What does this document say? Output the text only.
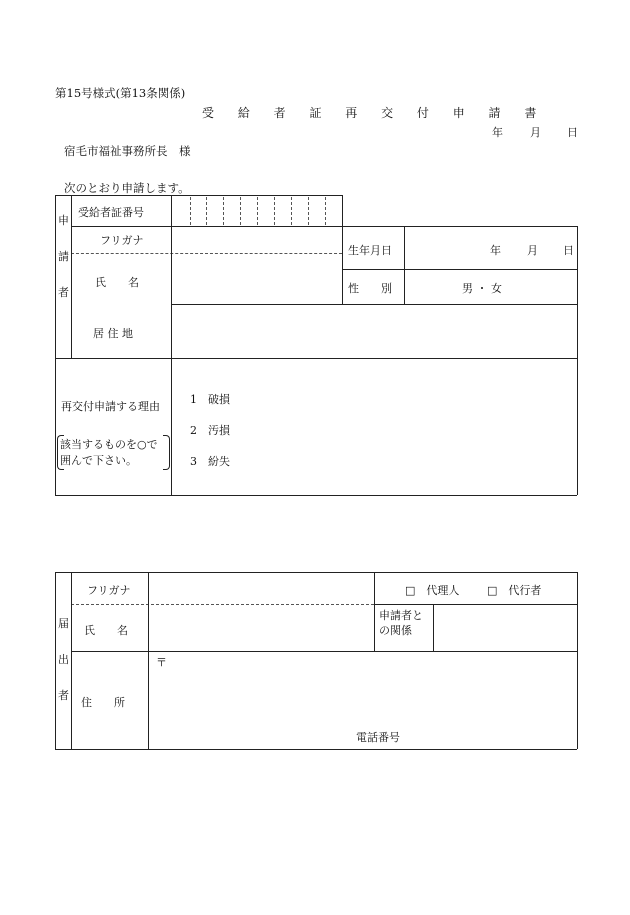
第15号様式(第13条関係)
受 給 者 証 再 交 付 申 請 書
年 月 日
宿毛市福祉事務所長　様
次のとおり申請します。
申
請
者
受給者証番号
フリガナ
氏　　名
生年月日	年 月 日
性　　別	男 ・ 女
居 住 地
再交付申請する理由
該当するものを○で
囲んで下さい。
1　破損
2　汚損
3　紛失
届
出
者
フリガナ
氏　　名
□　代理人	□　代行者
申請者と
の関係
住　　所
〒
電話番号
